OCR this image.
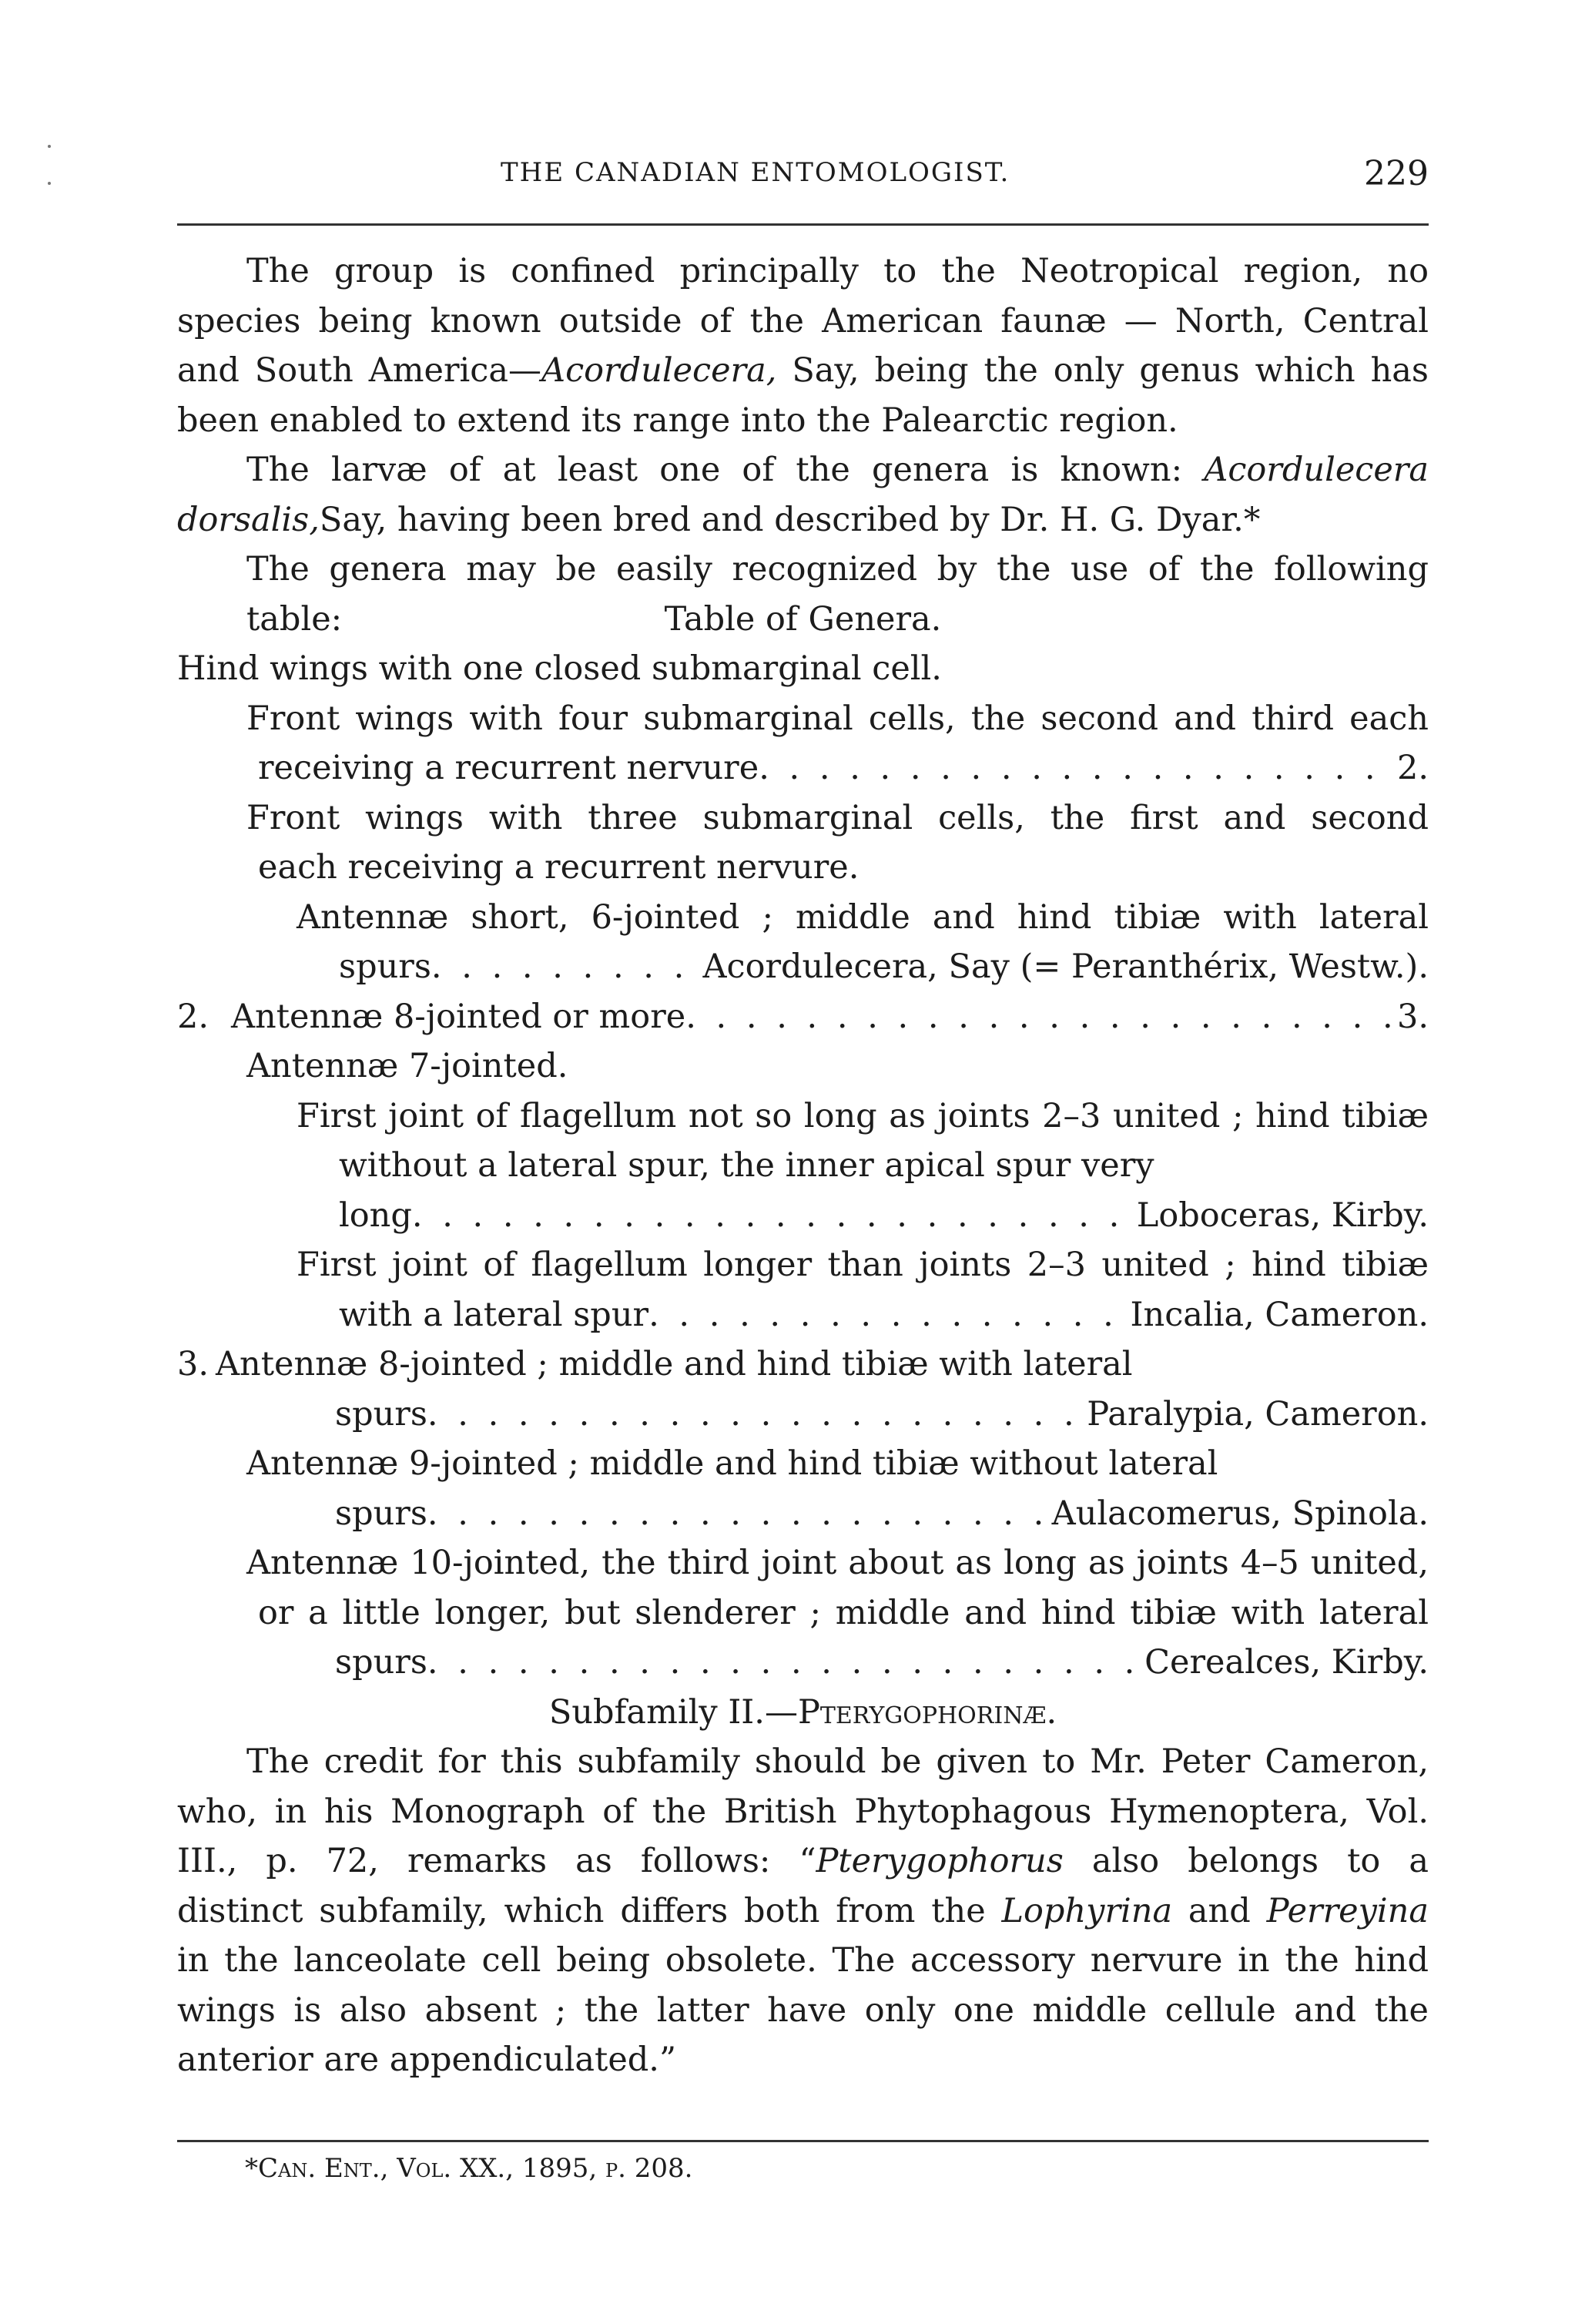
THE CANADIAN ENTOMOLOGIST.	229
The group is confined principally to the Neotropical region, no
species being known outside of the American faunæ — North, Central
and South America—Acordulecera, Say, being the only genus which has
been enabled to extend its range into the Palearctic region.
The larvæ of at least one of the genera is known: Acordulecera
dorsalis, Say, having been bred and described by Dr. H. G. Dyar.*
The genera may be easily recognized by the use of the following table:	Table of Genera.
Hind wings with one closed submarginal cell.
Front wings with four submarginal cells, the second and third each
receiving a recurrent nervure . . .	2.
Front wings with three submarginal cells, the first and second
each receiving a recurrent nervure.
Antennæ short, 6-jointed ; middle and hind tibiæ with lateral
spurs . . .	Acordulecera, Say (= Peranthérix, Westw.).
2. Antennæ 8-jointed or more . . .	3.
Antennæ 7-jointed.
First joint of flagellum not so long as joints 2–3 united ; hind tibiæ
without a lateral spur, the inner apical spur very
long . . .	Loboceras, Kirby.
First joint of flagellum longer than joints 2–3 united ; hind tibiæ
with a lateral spur . . .	Incalia, Cameron.
3. Antennæ 8-jointed ; middle and hind tibiæ with lateral
spurs . . .	Paralypia, Cameron.
Antennæ 9-jointed ; middle and hind tibiæ without lateral
spurs . . .	Aulacomerus, Spinola.
Antennæ 10-jointed, the third joint about as long as joints 4–5 united,
or a little longer, but slenderer ; middle and hind tibiæ with lateral
spurs . . .	Cerealces, Kirby.
Subfamily II.— Pterygophorinæ.
The credit for this subfamily should be given to Mr. Peter Cameron,
who, in his Monograph of the British Phytophagous Hymenoptera, Vol.
III., p. 72, remarks as follows: “Pterygophorus also belongs to a
distinct subfamily, which differs both from the Lophyrina and Perreyina
in the lanceolate cell being obsolete. The accessory nervure in the hind
wings is also absent ; the latter have only one middle cellule and the
anterior are appendiculated.”
*Can. Ent., Vol. XX., 1895, p. 208.
